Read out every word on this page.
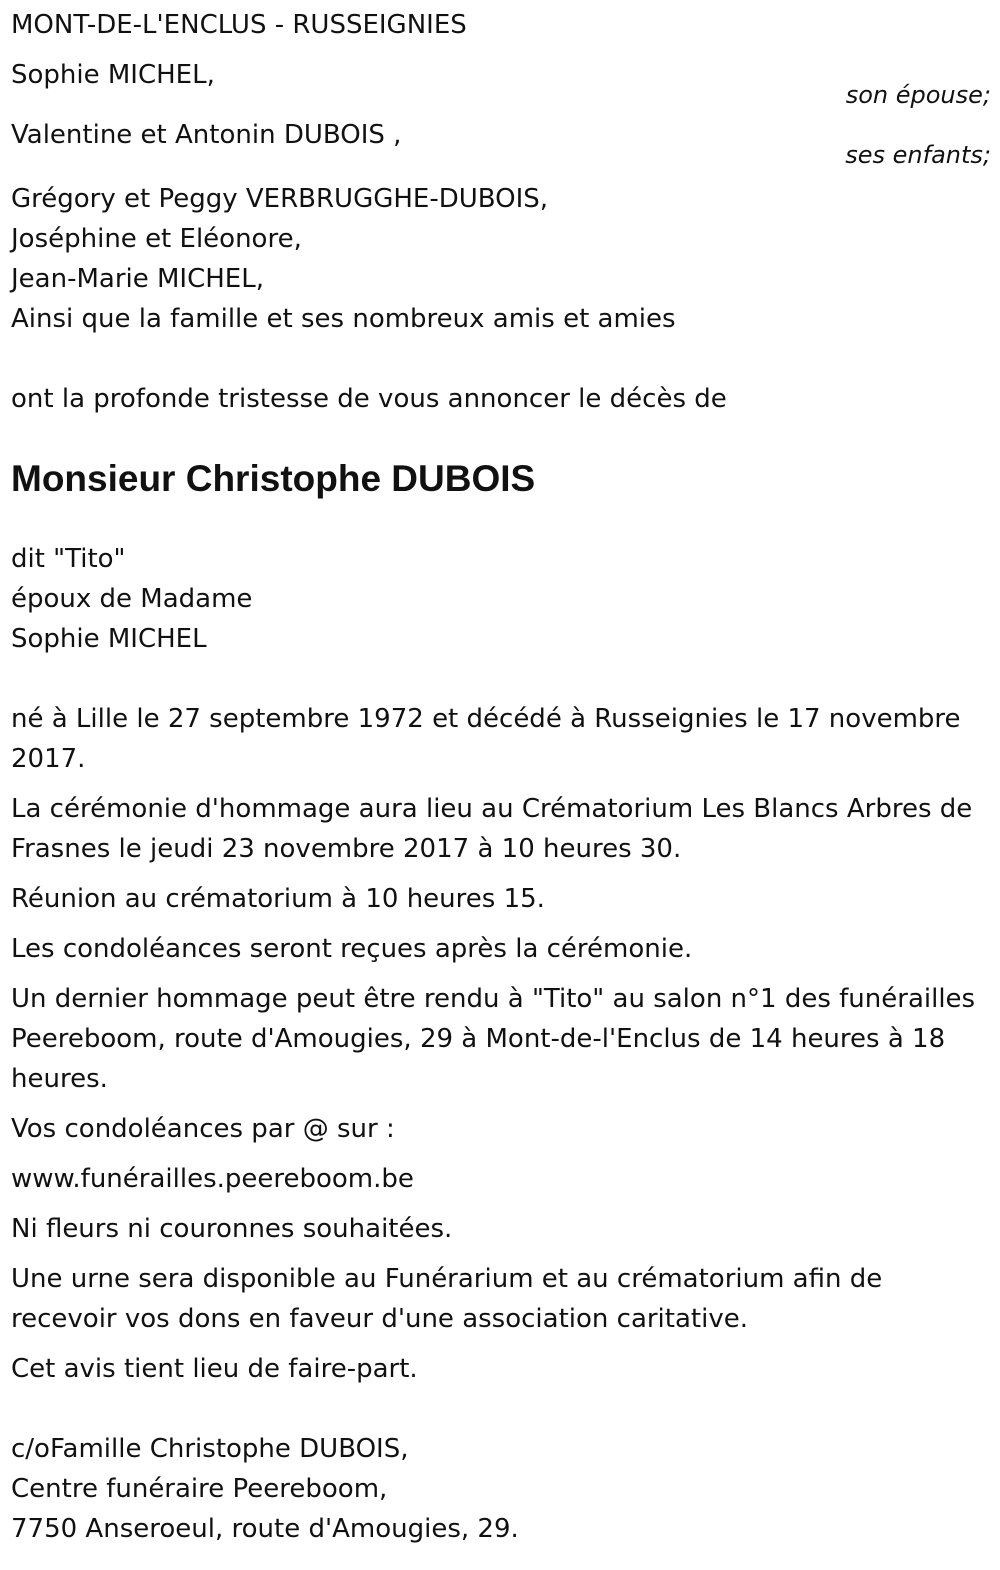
MONT-DE-L'ENCLUS - RUSSEIGNIES

Sophie MICHEL,

son épouse;

Valentine et Antonin DUBOIS ,

ses enfants;

Grégory et Peggy VERBRUGGHE-DUBOIS,

Joséphine et Eléonore,

Jean-Marie MICHEL,

Ainsi que la famille et ses nombreux amis et amies

ont la profonde tristesse de vous annoncer le décès de

Monsieur Christophe DUBOIS

dit "Tito"

époux de Madame

Sophie MICHEL

né à Lille le 27 septembre 1972 et décédé à Russeignies le 17 novembre 2017.

La cérémonie d'hommage aura lieu au Crématorium Les Blancs Arbres de Frasnes le jeudi 23 novembre 2017 à 10 heures 30.

Réunion au crématorium à 10 heures 15.

Les condoléances seront reçues après la cérémonie.

Un dernier hommage peut être rendu à "Tito" au salon n°1 des funérailles Peereboom, route d'Amougies, 29 à Mont-de-l'Enclus de 14 heures à 18 heures.

Vos condoléances par @ sur :

www.funérailles.peereboom.be

Ni fleurs ni couronnes souhaitées.

Une urne sera disponible au Funérarium et au crématorium afin de recevoir vos dons en faveur d'une association caritative.

Cet avis tient lieu de faire-part.

c/oFamille Christophe DUBOIS,

Centre funéraire Peereboom,

7750 Anseroeul, route d'Amougies, 29.
